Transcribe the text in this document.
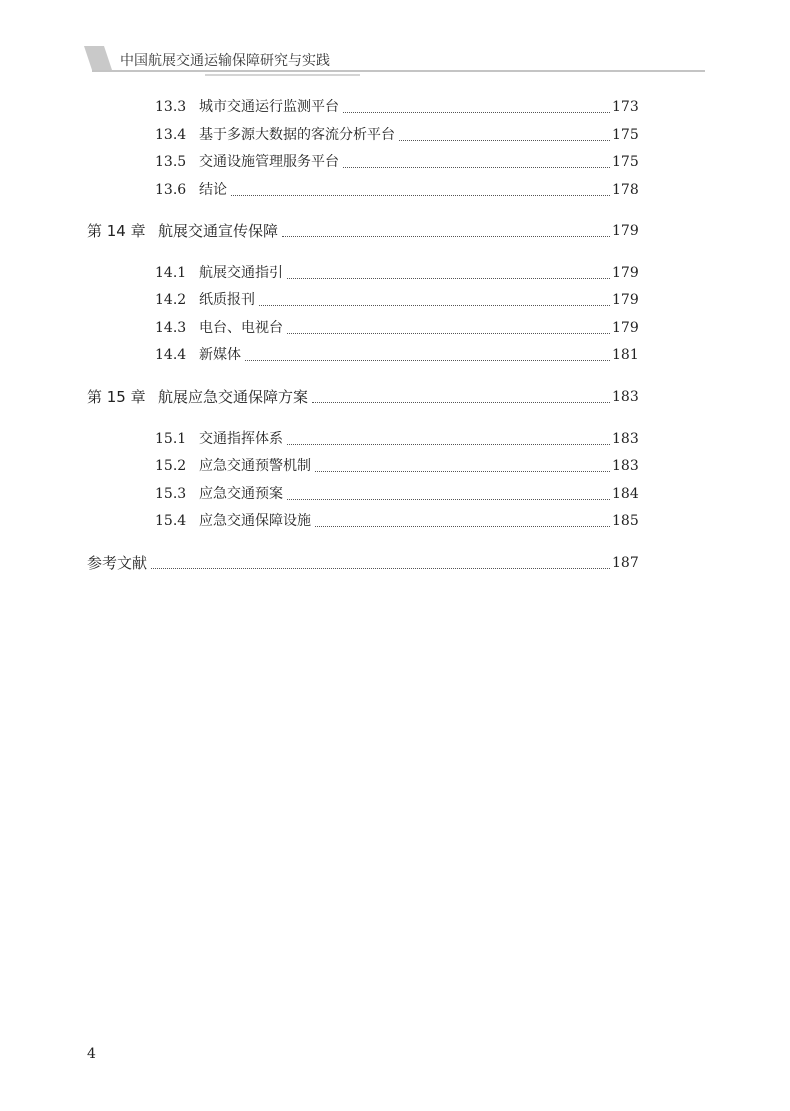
中国航展交通运输保障研究与实践
13.3 城市交通运行监测平台	173
13.4 基于多源大数据的客流分析平台	175
13.5 交通设施管理服务平台	175
13.6 结论	178
第 14 章 航展交通宣传保障	179
14.1 航展交通指引	179
14.2 纸质报刊	179
14.3 电台、电视台	179
14.4 新媒体	181
第 15 章 航展应急交通保障方案	183
15.1 交通指挥体系	183
15.2 应急交通预警机制	183
15.3 应急交通预案	184
15.4 应急交通保障设施	185
参考文献	187
4
